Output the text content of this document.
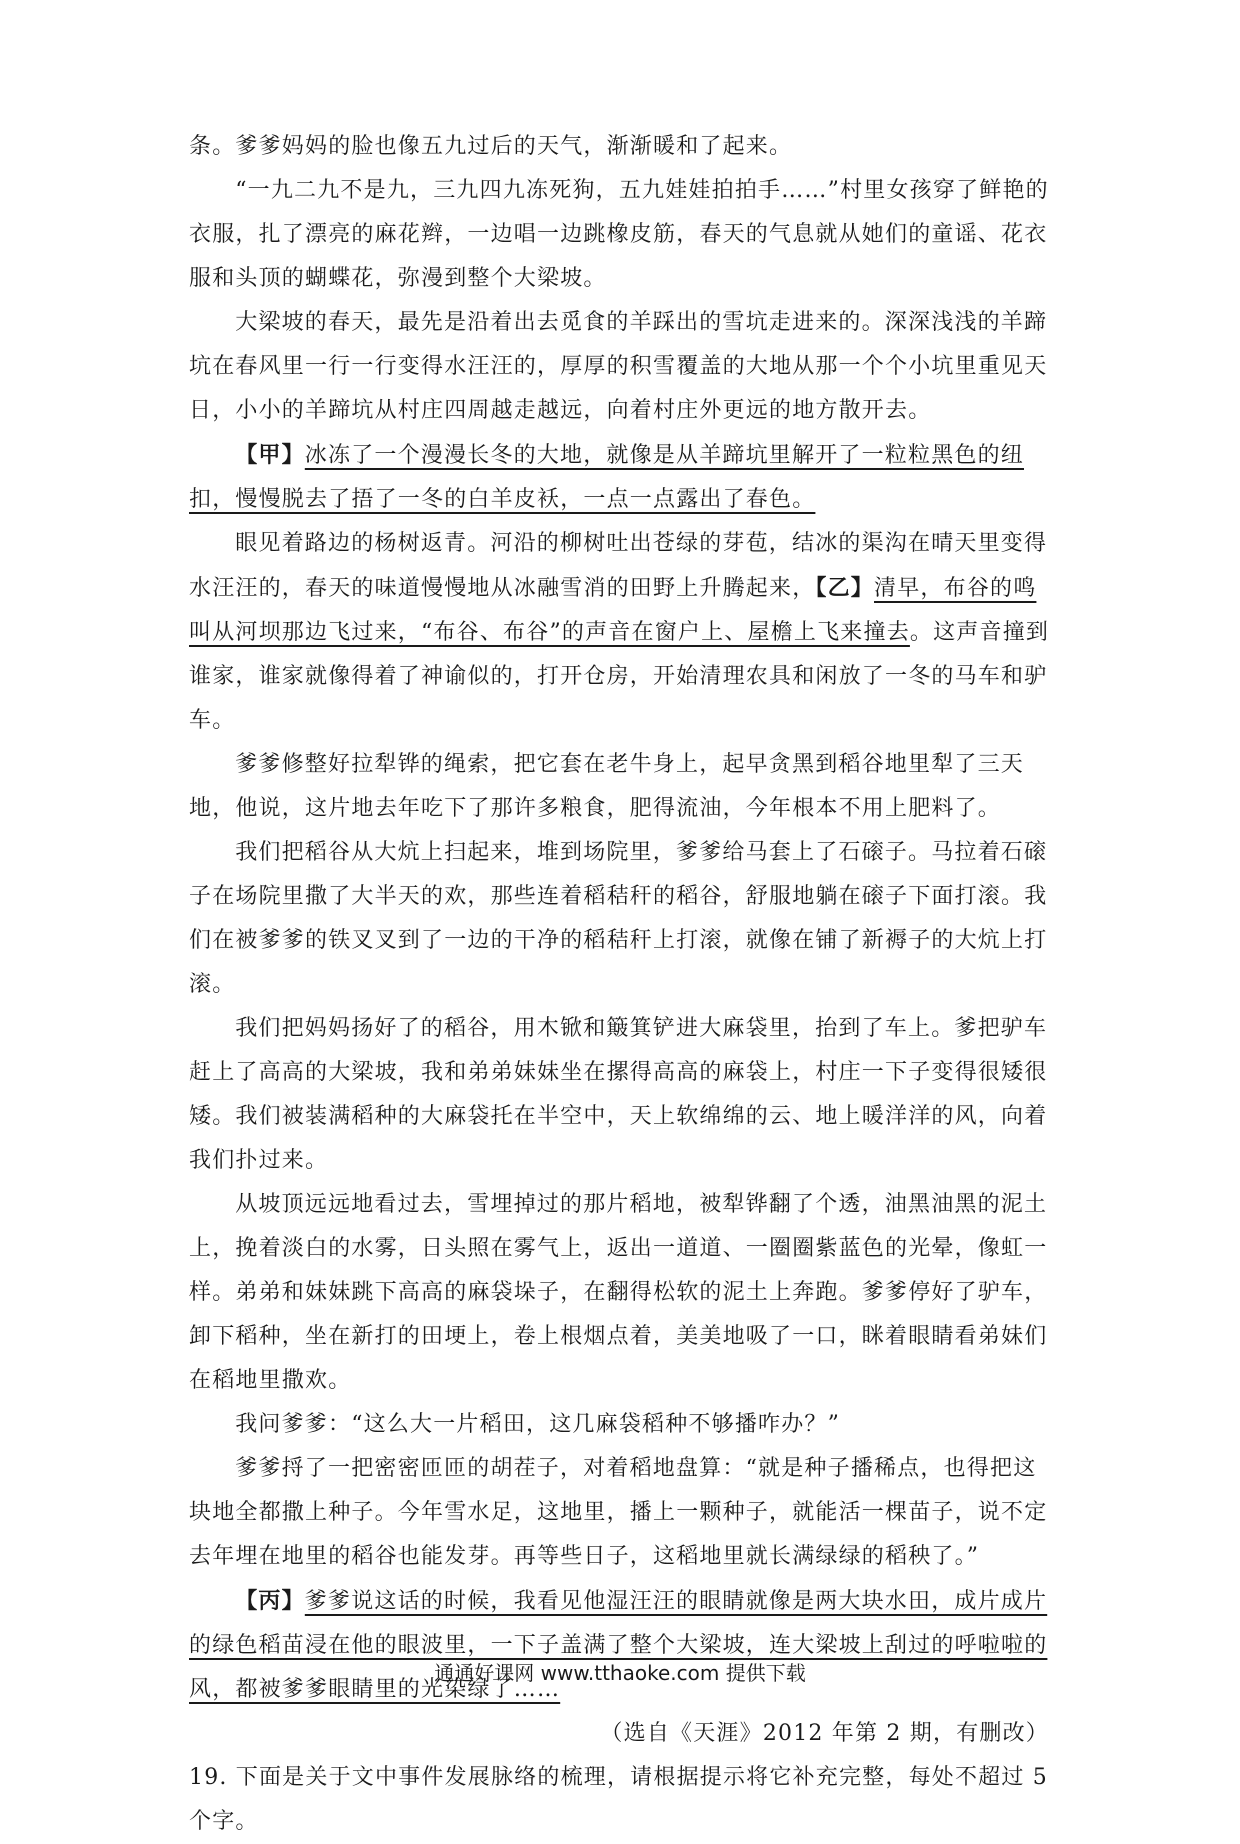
条。爹爹妈妈的脸也像五九过后的天气，渐渐暖和了起来。

“一九二九不是九，三九四九冻死狗，五九娃娃拍拍手……”村里女孩穿了鲜艳的衣服，扎了漂亮的麻花辫，一边唱一边跳橡皮筋，春天的气息就从她们的童谣、花衣服和头顶的蝴蝶花，弥漫到整个大梁坡。

大梁坡的春天，最先是沿着出去觅食的羊踩出的雪坑走进来的。深深浅浅的羊蹄坑在春风里一行一行变得水汪汪的，厚厚的积雪覆盖的大地从那一个个小坑里重见天日，小小的羊蹄坑从村庄四周越走越远，向着村庄外更远的地方散开去。

【甲】冰冻了一个漫漫长冬的大地，就像是从羊蹄坑里解开了一粒粒黑色的纽扣，慢慢脱去了捂了一冬的白羊皮袄，一点一点露出了春色。

眼见着路边的杨树返青。河沿的柳树吐出苍绿的芽苞，结冰的渠沟在晴天里变得水汪汪的，春天的味道慢慢地从冰融雪消的田野上升腾起来，【乙】清早，布谷的鸣叫从河坝那边飞过来，“布谷、布谷”的声音在窗户上、屋檐上飞来撞去。这声音撞到谁家，谁家就像得着了神谕似的，打开仓房，开始清理农具和闲放了一冬的马车和驴车。

爹爹修整好拉犁铧的绳索，把它套在老牛身上，起早贪黑到稻谷地里犁了三天地，他说，这片地去年吃下了那许多粮食，肥得流油，今年根本不用上肥料了。

我们把稻谷从大炕上扫起来，堆到场院里，爹爹给马套上了石磙子。马拉着石磙子在场院里撒了大半天的欢，那些连着稻秸秆的稻谷，舒服地躺在磙子下面打滚。我们在被爹爹的铁叉叉到了一边的干净的稻秸秆上打滚，就像在铺了新褥子的大炕上打滚。

我们把妈妈扬好了的稻谷，用木锨和簸箕铲进大麻袋里，抬到了车上。爹把驴车赶上了高高的大梁坡，我和弟弟妹妹坐在摞得高高的麻袋上，村庄一下子变得很矮很矮。我们被装满稻种的大麻袋托在半空中，天上软绵绵的云、地上暖洋洋的风，向着我们扑过来。

从坡顶远远地看过去，雪埋掉过的那片稻地，被犁铧翻了个透，油黑油黑的泥土上，挽着淡白的水雾，日头照在雾气上，返出一道道、一圈圈紫蓝色的光晕，像虹一样。弟弟和妹妹跳下高高的麻袋垛子，在翻得松软的泥土上奔跑。爹爹停好了驴车，卸下稻种，坐在新打的田埂上，卷上根烟点着，美美地吸了一口，眯着眼睛看弟妹们在稻地里撒欢。

我问爹爹：“这么大一片稻田，这几麻袋稻种不够播咋办？”

爹爹捋了一把密密匝匝的胡茬子，对着稻地盘算：“就是种子播稀点，也得把这块地全都撒上种子。今年雪水足，这地里，播上一颗种子，就能活一棵苗子，说不定去年埋在地里的稻谷也能发芽。再等些日子，这稻地里就长满绿绿的稻秧了。”

【丙】爹爹说这话的时候，我看见他湿汪汪的眼睛就像是两大块水田，成片成片的绿色稻苗浸在他的眼波里，一下子盖满了整个大梁坡，连大梁坡上刮过的呼啦啦的风，都被爹爹眼睛里的光染绿了……

（选自《天涯》2012 年第 2 期，有删改）

19. 下面是关于文中事件发展脉络的梳理，请根据提示将它补充完整，每处不超过 5 个字。

通通好课网 www.tthaoke.com 提供下载
